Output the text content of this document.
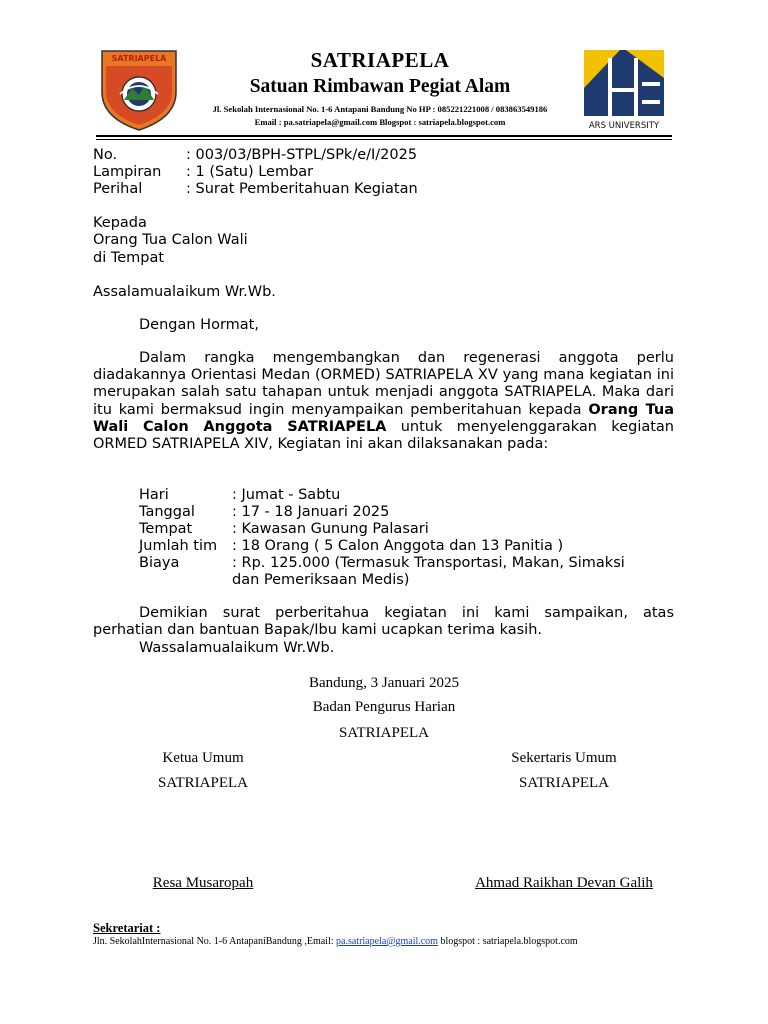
SATRIAPELA	SATRIAPELA
Satuan Rimbawan Pegiat Alam
Jl. Sekolah Internasional No. 1-6 Antapani Bandung No HP : 085221221008 / 083863549186
Email : pa.satriapela@gmail.com Blogspot : satriapela.blogspot.com	ARS UNIVERSITY
No.	: 003/03/BPH-STPL/SPk/e/I/2025
Lampiran : 1 (Satu) Lembar
Perihal	: Surat Pemberitahuan Kegiatan
Kepada
Orang Tua Calon Wali
di Tempat
Assalamualaikum Wr.Wb.
Dengan Hormat,
Dalam rangka mengembangkan dan regenerasi anggota perlu diadakannya Orientasi Medan (ORMED) SATRIAPELA XV yang mana kegiatan ini merupakan salah satu tahapan untuk menjadi anggota SATRIAPELA. Maka dari itu kami bermaksud ingin menyampaikan pemberitahuan kepada Orang Tua Wali Calon Anggota SATRIAPELA untuk menyelenggarakan kegiatan ORMED SATRIAPELA XIV, Kegiatan ini akan dilaksanakan pada:
Hari	: Jumat - Sabtu
Tanggal	: 17 - 18 Januari 2025
Tempat	: Kawasan Gunung Palasari
Jumlah tim : 18 Orang ( 5 Calon Anggota dan 13 Panitia )
Biaya	: Rp. 125.000 (Termasuk Transportasi, Makan, Simaksi
dan Pemeriksaan Medis)
Demikian surat perberitahua kegiatan ini kami sampaikan, atas perhatian dan bantuan Bapak/Ibu kami ucapkan terima kasih.
Wassalamualaikum Wr.Wb.
Bandung, 3 Januari 2025
Badan Pengurus Harian
SATRIAPELA
Ketua Umum
SATRIAPELA
Sekertaris Umum
SATRIAPELA
Resa Musaropah	Ahmad Raikhan Devan Galih
Sekretariat :
Jln. SekolahInternasional No. 1-6 AntapaniBandung ,Email: pa.satriapela@gmail.com blogspot : satriapela.blogspot.com
